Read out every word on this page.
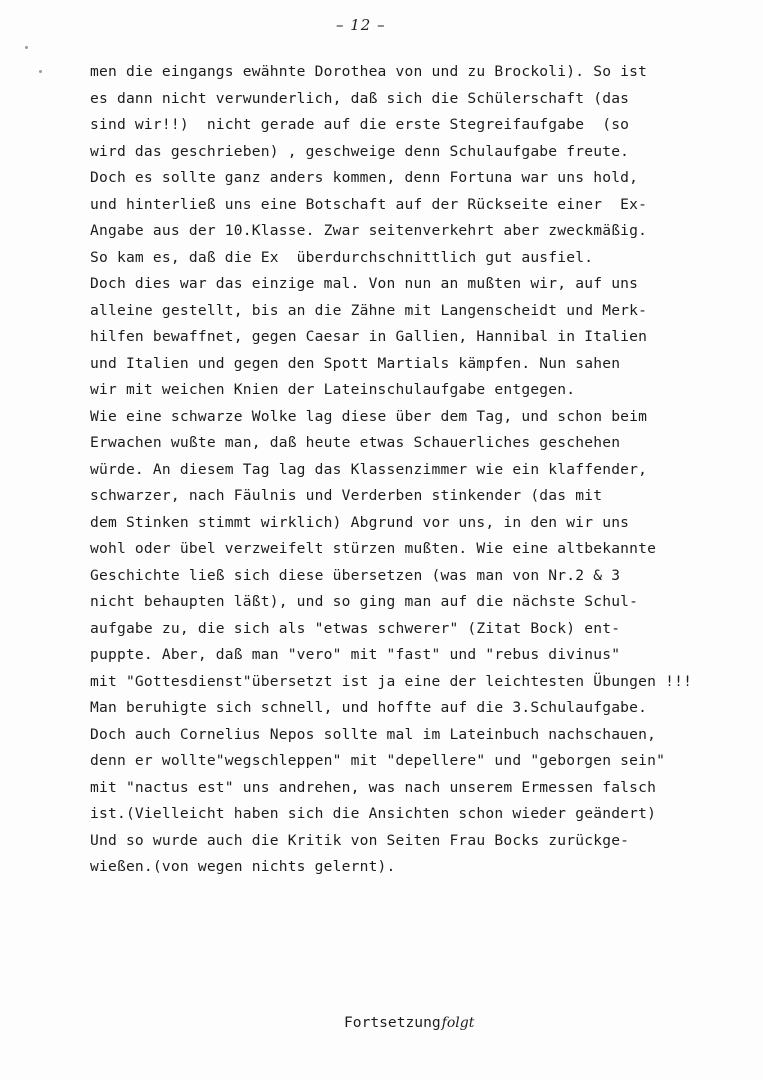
– 12 –
men die eingangs ewähnte Dorothea von und zu Brockoli). So ist
es dann nicht verwunderlich, daß sich die Schülerschaft (das
sind wir!!)  nicht gerade auf die erste Stegreifaufgabe  (so
wird das geschrieben) , geschweige denn Schulaufgabe freute.
Doch es sollte ganz anders kommen, denn Fortuna war uns hold,
und hinterließ uns eine Botschaft auf der Rückseite einer  Ex-
Angabe aus der 10.Klasse. Zwar seitenverkehrt aber zweckmäßig.
So kam es, daß die Ex  überdurchschnittlich gut ausfiel.
Doch dies war das einzige mal. Von nun an mußten wir, auf uns
alleine gestellt, bis an die Zähne mit Langenscheidt und Merk-
hilfen bewaffnet, gegen Caesar in Gallien, Hannibal in Italien
und Italien und gegen den Spott Martials kämpfen. Nun sahen
wir mit weichen Knien der Lateinschulaufgabe entgegen.
Wie eine schwarze Wolke lag diese über dem Tag, und schon beim
Erwachen wußte man, daß heute etwas Schauerliches geschehen
würde. An diesem Tag lag das Klassenzimmer wie ein klaffender,
schwarzer, nach Fäulnis und Verderben stinkender (das mit
dem Stinken stimmt wirklich) Abgrund vor uns, in den wir uns
wohl oder übel verzweifelt stürzen mußten. Wie eine altbekannte
Geschichte ließ sich diese übersetzen (was man von Nr.2 & 3
nicht behaupten läßt), und so ging man auf die nächste Schul-
aufgabe zu, die sich als "etwas schwerer" (Zitat Bock) ent-
puppte. Aber, daß man "vero" mit "fast" und "rebus divinus"
mit "Gottesdienst"übersetzt ist ja eine der leichtesten Übungen !!!
Man beruhigte sich schnell, und hoffte auf die 3.Schulaufgabe.
Doch auch Cornelius Nepos sollte mal im Lateinbuch nachschauen,
denn er wollte"wegschleppen" mit "depellere" und "geborgen sein"
mit "nactus est" uns andrehen, was nach unserem Ermessen falsch
ist.(Vielleicht haben sich die Ansichten schon wieder geändert)
Und so wurde auch die Kritik von Seiten Frau Bocks zurückge-
wießen.(von wegen nichts gelernt).
Fortsetzungfolgt
